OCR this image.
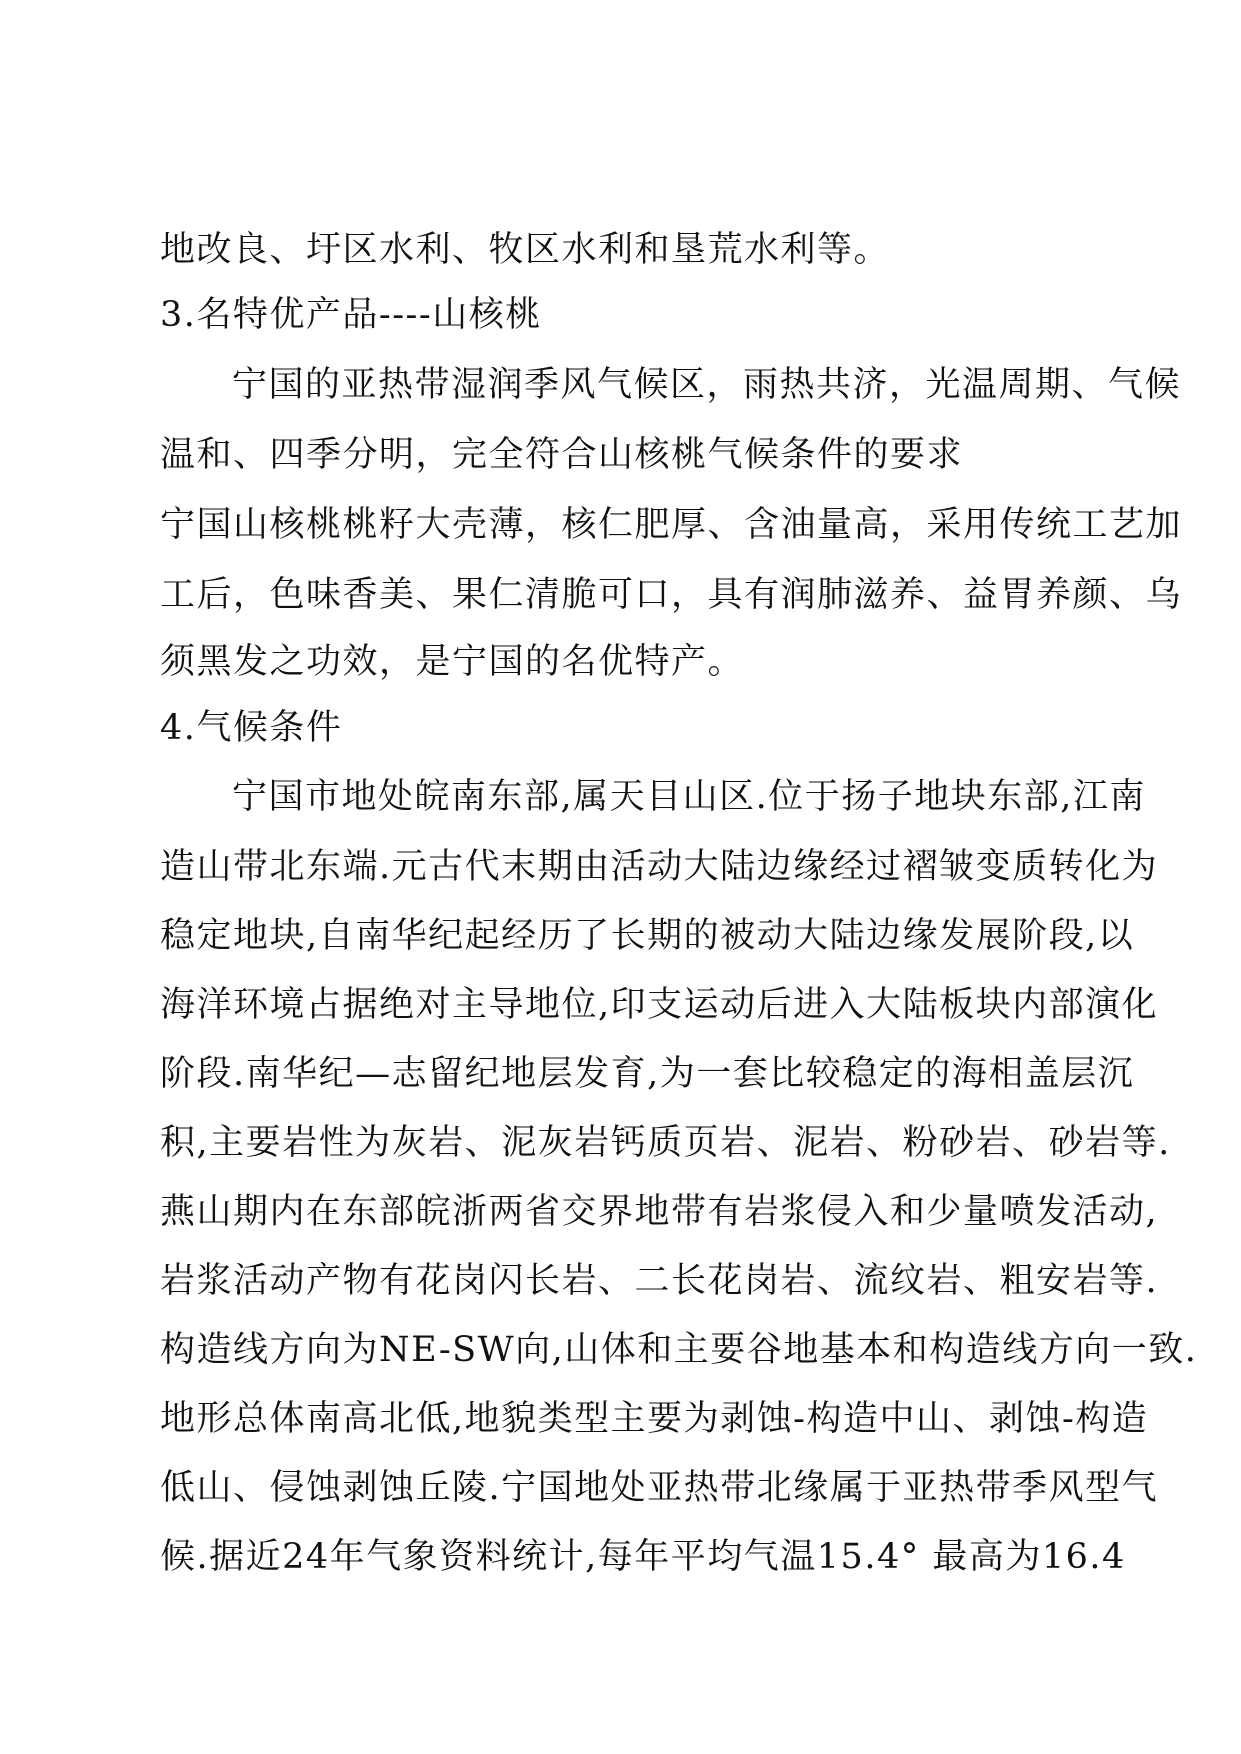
地改良、圩区水利、牧区水利和垦荒水利等。
3.名特优产品----山核桃
宁国的亚热带湿润季风气候区，雨热共济，光温周期、气候
温和、四季分明，完全符合山核桃气候条件的要求
宁国山核桃桃籽大壳薄，核仁肥厚、含油量高，采用传统工艺加
工后，色味香美、果仁清脆可口，具有润肺滋养、益胃养颜、乌
须黑发之功效，是宁国的名优特产。
4.气候条件
宁国市地处皖南东部,属天目山区.位于扬子地块东部,江南
造山带北东端.元古代末期由活动大陆边缘经过褶皱变质转化为
稳定地块,自南华纪起经历了长期的被动大陆边缘发展阶段,以
海洋环境占据绝对主导地位,印支运动后进入大陆板块内部演化
阶段.南华纪—志留纪地层发育,为一套比较稳定的海相盖层沉
积,主要岩性为灰岩、泥灰岩钙质页岩、泥岩、粉砂岩、砂岩等.
燕山期内在东部皖浙两省交界地带有岩浆侵入和少量喷发活动,
岩浆活动产物有花岗闪长岩、二长花岗岩、流纹岩、粗安岩等.
构造线方向为NE-SW向,山体和主要谷地基本和构造线方向一致.
地形总体南高北低,地貌类型主要为剥蚀-构造中山、剥蚀-构造
低山、侵蚀剥蚀丘陵.宁国地处亚热带北缘属于亚热带季风型气
候.据近24年气象资料统计,每年平均气温15.4° 最高为16.4
